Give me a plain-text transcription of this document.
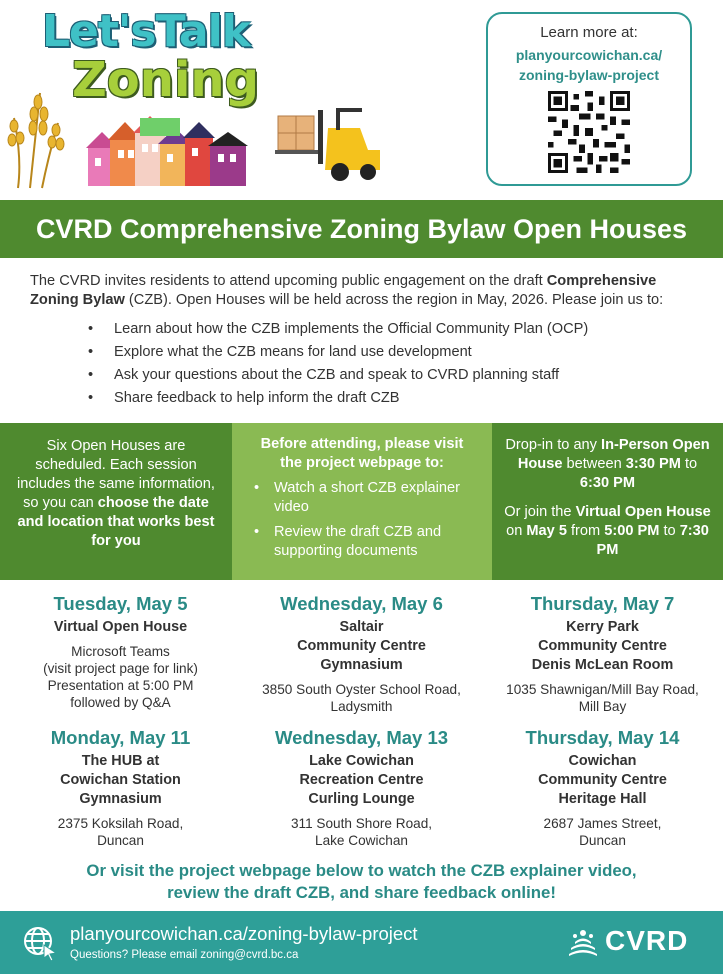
Let'sTalk
Zoning
Learn more at:
planyourcowichan.ca/
zoning-bylaw-project
CVRD Comprehensive Zoning Bylaw Open Houses

The CVRD invites residents to attend upcoming public engagement on the draft Comprehensive Zoning Bylaw (CZB). Open Houses will be held across the region in May, 2026. Please join us to:

• Learn about how the CZB implements the Official Community Plan (OCP)
• Explore what the CZB means for land use development
• Ask your questions about the CZB and speak to CVRD planning staff
• Share feedback to help inform the draft CZB
Six Open Houses are scheduled. Each session includes the same information, so you can choose the date and location that works best for you
Before attending, please visit the project webpage to:
• Watch a short CZB explainer video
• Review the draft CZB and supporting documents

Drop-in to any In-Person Open House between 3:30 PM to 6:30 PM

Or join the Virtual Open House on May 5 from 5:00 PM to 7:30 PM

Tuesday, May 5
Virtual Open House
Microsoft Teams
(visit project page for link)
Presentation at 5:00 PM
followed by Q&A
Wednesday, May 6
Saltair
Community Centre
Gymnasium
3850 South Oyster School Road,
Ladysmith
Thursday, May 7
Kerry Park
Community Centre
Denis McLean Room
1035 Shawnigan/Mill Bay Road,
Mill Bay
Monday, May 11
The HUB at
Cowichan Station
Gymnasium
2375 Koksilah Road,
Duncan
Wednesday, May 13
Lake Cowichan
Recreation Centre
Curling Lounge
311 South Shore Road,
Lake Cowichan
Thursday, May 14
Cowichan
Community Centre
Heritage Hall
2687 James Street,
Duncan
Or visit the project webpage below to watch the CZB explainer video,
review the draft CZB, and share feedback online!
planyourcowichan.ca/zoning-bylaw-project
Questions? Please email zoning@cvrd.bc.ca	CVRD
